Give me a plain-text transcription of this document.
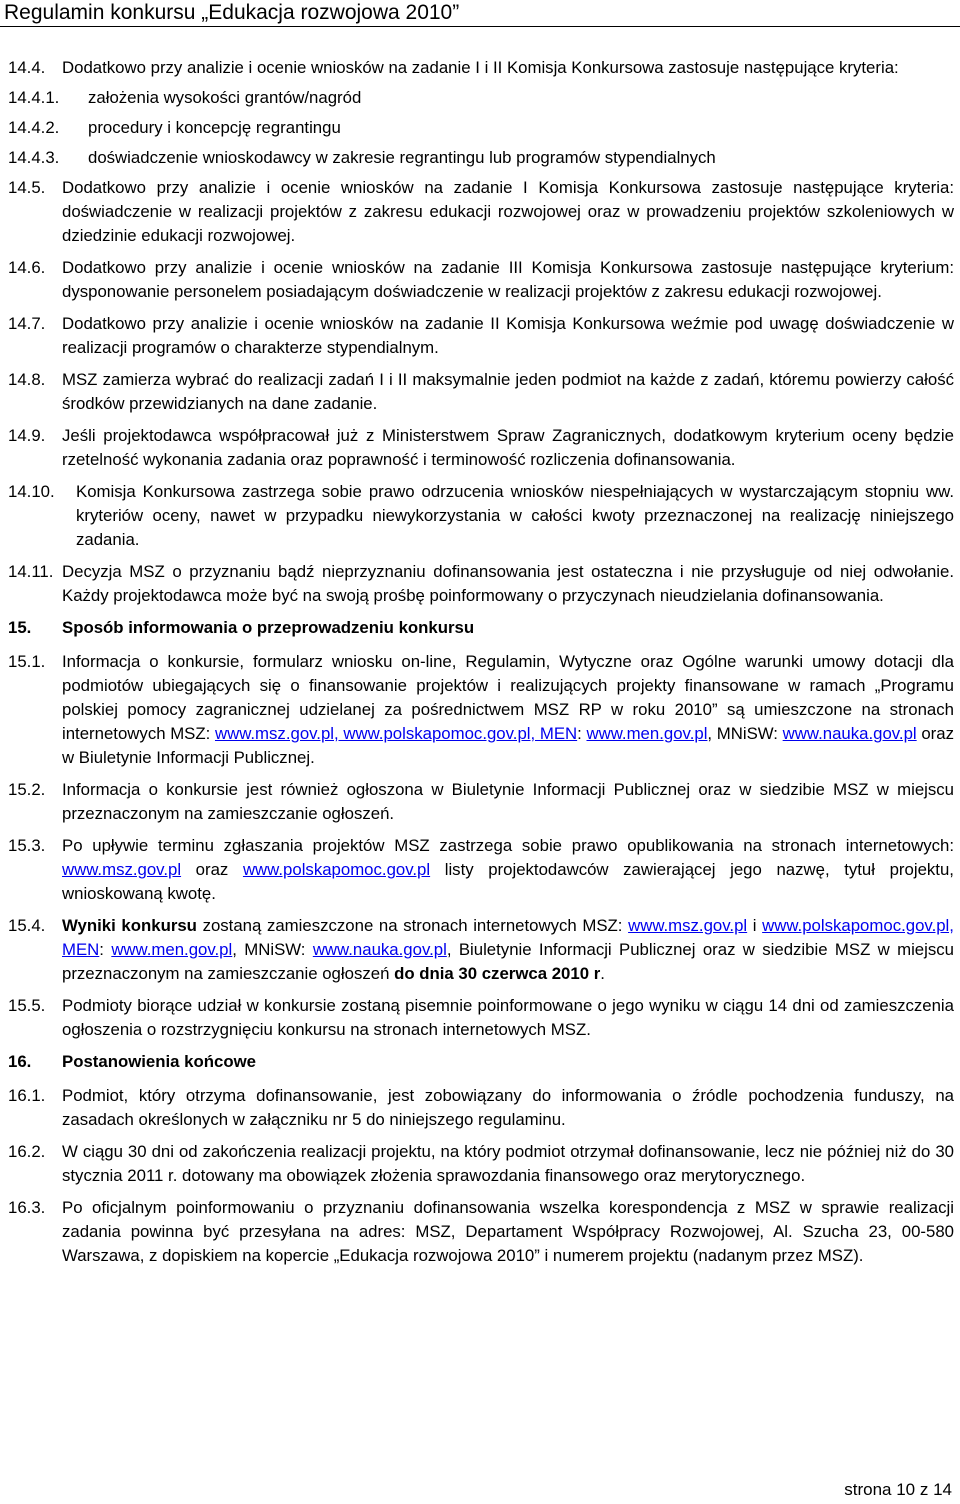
Regulamin konkursu „Edukacja rozwojowa 2010”
14.4. Dodatkowo przy analizie i ocenie wniosków na zadanie I i II Komisja Konkursowa zastosuje następujące kryteria:
14.4.1. założenia wysokości grantów/nagród
14.4.2. procedury i koncepcję regrantingu
14.4.3. doświadczenie wnioskodawcy w zakresie regrantingu lub programów stypendialnych
14.5. Dodatkowo przy analizie i ocenie wniosków na zadanie I Komisja Konkursowa zastosuje następujące kryteria: doświadczenie w realizacji projektów z zakresu edukacji rozwojowej oraz w prowadzeniu projektów szkoleniowych w dziedzinie edukacji rozwojowej.
14.6. Dodatkowo przy analizie i ocenie wniosków na zadanie III Komisja Konkursowa zastosuje następujące kryterium: dysponowanie personelem posiadającym doświadczenie w realizacji projektów z zakresu edukacji rozwojowej.
14.7. Dodatkowo przy analizie i ocenie wniosków na zadanie II Komisja Konkursowa weźmie pod uwagę doświadczenie w realizacji programów o charakterze stypendialnym.
14.8. MSZ zamierza wybrać do realizacji zadań I i II maksymalnie jeden podmiot na każde z zadań, któremu powierzy całość środków przewidzianych na dane zadanie.
14.9. Jeśli projektodawca współpracował już z Ministerstwem Spraw Zagranicznych, dodatkowym kryterium oceny będzie rzetelność wykonania zadania oraz poprawność i terminowość rozliczenia dofinansowania.
14.10. Komisja Konkursowa zastrzega sobie prawo odrzucenia wniosków niespełniających w wystarczającym stopniu ww. kryteriów oceny, nawet w przypadku niewykorzystania w całości kwoty przeznaczonej na realizację niniejszego zadania.
14.11. Decyzja MSZ o przyznaniu bądź nieprzyznaniu dofinansowania jest ostateczna i nie przysługuje od niej odwołanie. Każdy projektodawca może być na swoją prośbę poinformowany o przyczynach nieudzielania dofinansowania.
15. Sposób informowania o przeprowadzeniu konkursu
15.1. Informacja o konkursie, formularz wniosku on-line, Regulamin, Wytyczne oraz Ogólne warunki umowy dotacji dla podmiotów ubiegających się o finansowanie projektów i realizujących projekty finansowane w ramach „Programu polskiej pomocy zagranicznej udzielanej za pośrednictwem MSZ RP w roku 2010” są umieszczone na stronach internetowych MSZ: www.msz.gov.pl, www.polskapomoc.gov.pl, MEN: www.men.gov.pl, MNiSW: www.nauka.gov.pl oraz w Biuletynie Informacji Publicznej.
15.2. Informacja o konkursie jest również ogłoszona w Biuletynie Informacji Publicznej oraz w siedzibie MSZ w miejscu przeznaczonym na zamieszczanie ogłoszeń.
15.3. Po upływie terminu zgłaszania projektów MSZ zastrzega sobie prawo opublikowania na stronach internetowych: www.msz.gov.pl oraz www.polskapomoc.gov.pl listy projektodawców zawierającej jego nazwę, tytuł projektu, wnioskowaną kwotę.
15.4. Wyniki konkursu zostaną zamieszczone na stronach internetowych MSZ: www.msz.gov.pl i www.polskapomoc.gov.pl, MEN: www.men.gov.pl, MNiSW: www.nauka.gov.pl, Biuletynie Informacji Publicznej oraz w siedzibie MSZ w miejscu przeznaczonym na zamieszczanie ogłoszeń do dnia 30 czerwca 2010 r.
15.5. Podmioty biorące udział w konkursie zostaną pisemnie poinformowane o jego wyniku w ciągu 14 dni od zamieszczenia ogłoszenia o rozstrzygnięciu konkursu na stronach internetowych MSZ.
16. Postanowienia końcowe
16.1. Podmiot, który otrzyma dofinansowanie, jest zobowiązany do informowania o źródle pochodzenia funduszy, na zasadach określonych w załączniku nr 5 do niniejszego regulaminu.
16.2. W ciągu 30 dni od zakończenia realizacji projektu, na który podmiot otrzymał dofinansowanie, lecz nie później niż do 30 stycznia 2011 r. dotowany ma obowiązek złożenia sprawozdania finansowego oraz merytorycznego.
16.3. Po oficjalnym poinformowaniu o przyznaniu dofinansowania wszelka korespondencja z MSZ w sprawie realizacji zadania powinna być przesyłana na adres: MSZ, Departament Współpracy Rozwojowej, Al. Szucha 23, 00-580 Warszawa, z dopiskiem na kopercie „Edukacja rozwojowa 2010” i numerem projektu (nadanym przez MSZ).
strona 10 z 14
